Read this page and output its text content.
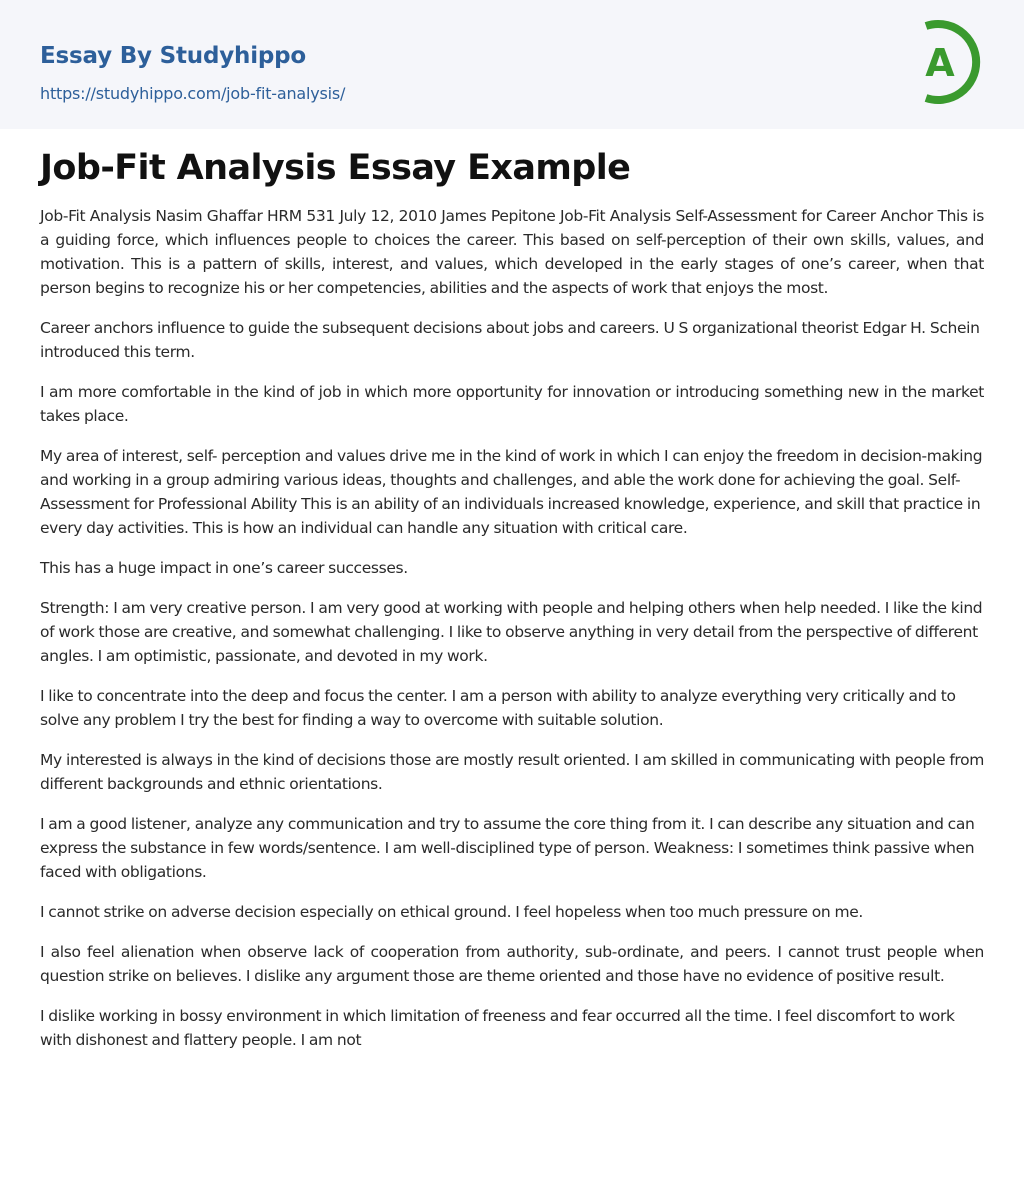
Essay By Studyhippo
https://studyhippo.com/job-fit-analysis/
A
Job-Fit Analysis Essay Example

Job-Fit Analysis Nasim Ghaffar HRM 531 July 12, 2010 James Pepitone Job-Fit Analysis Self-Assessment for Career Anchor This is a guiding force, which influences people to choices the career. This based on self-perception of their own skills, values, and motivation. This is a pattern of skills, interest, and values, which developed in the early stages of one’s career, when that person begins to recognize his or her competencies, abilities and the aspects of work that enjoys the most.

Career anchors influence to guide the subsequent decisions about jobs and careers. U S organizational theorist Edgar H. Schein introduced this term.

I am more comfortable in the kind of job in which more opportunity for innovation or introducing something new in the market takes place.

My area of interest, self- perception and values drive me in the kind of work in which I can enjoy the freedom in decision-making and working in a group admiring various ideas, thoughts and challenges, and able the work done for achieving the goal. Self-Assessment for Professional Ability This is an ability of an individuals increased knowledge, experience, and skill that practice in every day activities. This is how an individual can handle any situation with critical care.

This has a huge impact in one’s career successes.

Strength: I am very creative person. I am very good at working with people and helping others when help needed. I like the kind of work those are creative, and somewhat challenging. I like to observe anything in very detail from the perspective of different angles. I am optimistic, passionate, and devoted in my work.

I like to concentrate into the deep and focus the center. I am a person with ability to analyze everything very critically and to solve any problem I try the best for finding a way to overcome with suitable solution.

My interested is always in the kind of decisions those are mostly result oriented. I am skilled in communicating with people from different backgrounds and ethnic orientations.

I am a good listener, analyze any communication and try to assume the core thing from it. I can describe any situation and can express the substance in few words/sentence. I am well-disciplined type of person. Weakness: I sometimes think passive when faced with obligations.

I cannot strike on adverse decision especially on ethical ground. I feel hopeless when too much pressure on me.

I also feel alienation when observe lack of cooperation from authority, sub-ordinate, and peers. I cannot trust people when question strike on believes. I dislike any argument those are theme oriented and those have no evidence of positive result.

I dislike working in bossy environment in which limitation of freeness and fear occurred all the time. I feel discomfort to work with dishonest and flattery people. I am not
